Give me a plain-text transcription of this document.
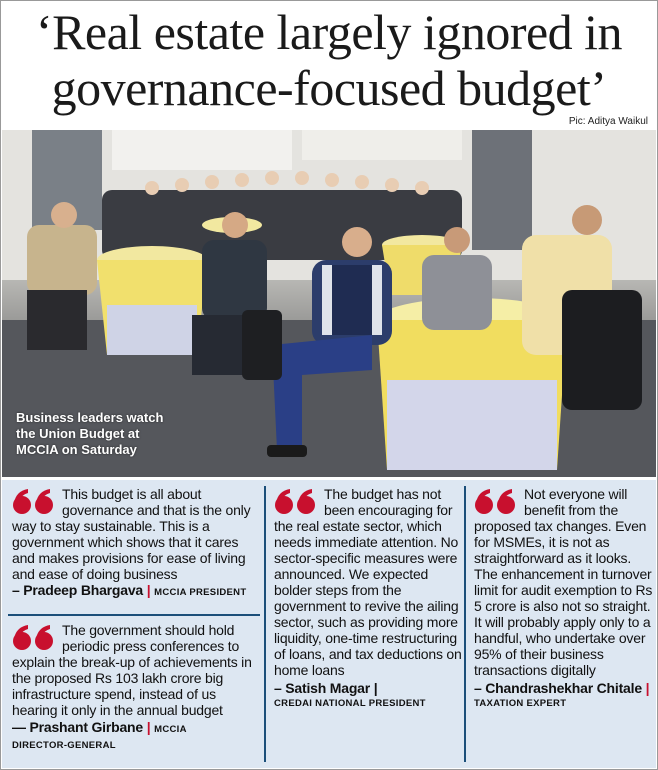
‘Real estate largely ignored in
governance-focused budget’
Pic: Aditya Waikul
Business leaders watch
the Union Budget at
MCCIA on Saturday
This budget is all about governance and that is the only way to stay sustainable. This is a government which shows that it cares and makes provisions for ease of living and ease of doing business
– Pradeep Bhargava | MCCIA PRESIDENT
The government should hold periodic press conferences to explain the break-up of achievements in the proposed Rs 103 lakh crore big infrastructure spend, instead of us hearing it only in the annual budget
— Prashant Girbane | MCCIA
DIRECTOR-GENERAL
The budget has not been encouraging for the real estate sector, which needs immediate attention. No sector-specific measures were announced. We expected bolder steps from the government to revive the ailing sector, such as providing more liquidity, one-time restructuring of loans, and tax deductions on home loans
– Satish Magar |
CREDAI NATIONAL PRESIDENT
Not everyone will benefit from the proposed tax changes. Even for MSMEs, it is not as straightforward as it looks. The enhancement in turnover limit for audit exemption to Rs 5 crore is also not so straight. It will probably apply only to a handful, who undertake over 95% of their business transactions digitally
– Chandrashekhar Chitale |
TAXATION EXPERT
